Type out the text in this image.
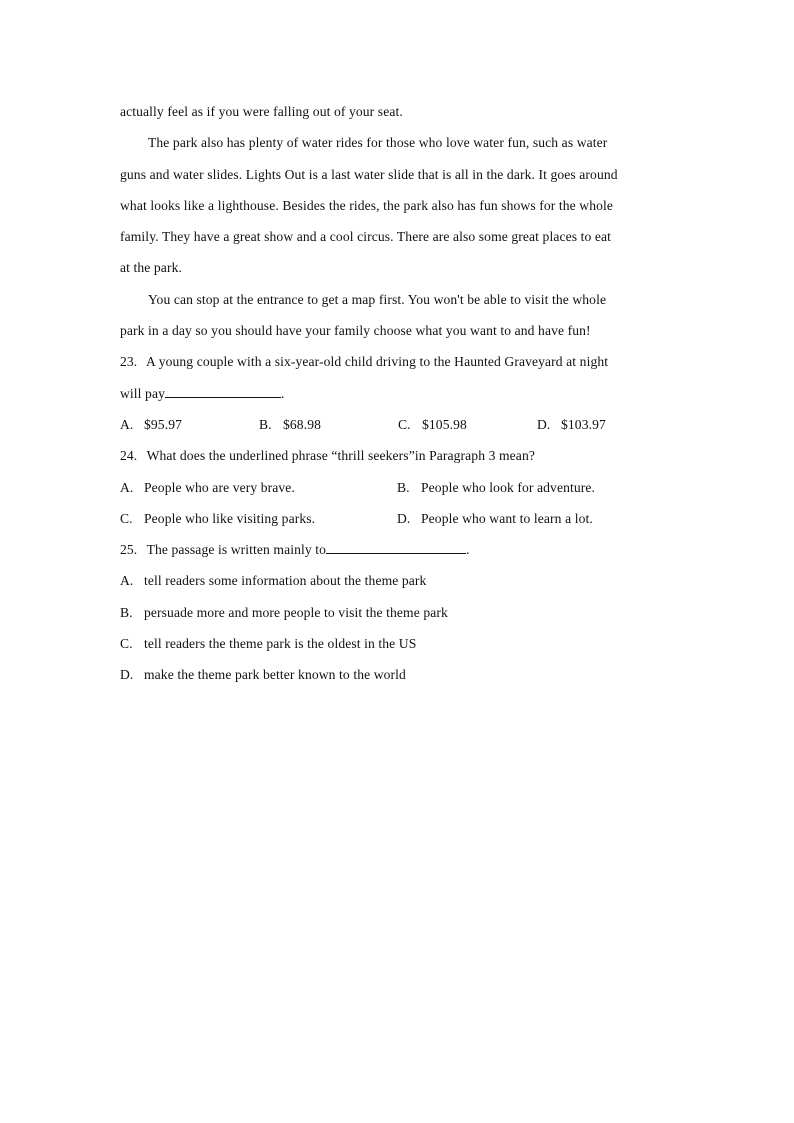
actually feel as if you were falling out of your seat.
The park also has plenty of water rides for those who love water fun, such as water
guns and water slides. Lights Out is a last water slide that is all in the dark. It goes around
what looks like a lighthouse. Besides the rides, the park also has fun shows for the whole
family. They have a great show and a cool circus. There are also some great places to eat
at the park.
You can stop at the entrance to get a map first. You won't be able to visit the whole
park in a day so you should have your family choose what you want to and have fun!
23. A young couple with a six-year-old child driving to the Haunted Graveyard at night
will pay	.
A. $95.97	B. $68.98	C. $105.98	D. $103.97
24. What does the underlined phrase “thrill seekers”in Paragraph 3 mean?
A. People who are very brave.	B. People who look for adventure.
C. People who like visiting parks.	D. People who want to learn a lot.
25. The passage is written mainly to	.
A. tell readers some information about the theme park
B. persuade more and more people to visit the theme park
C. tell readers the theme park is the oldest in the US
D. make the theme park better known to the world
